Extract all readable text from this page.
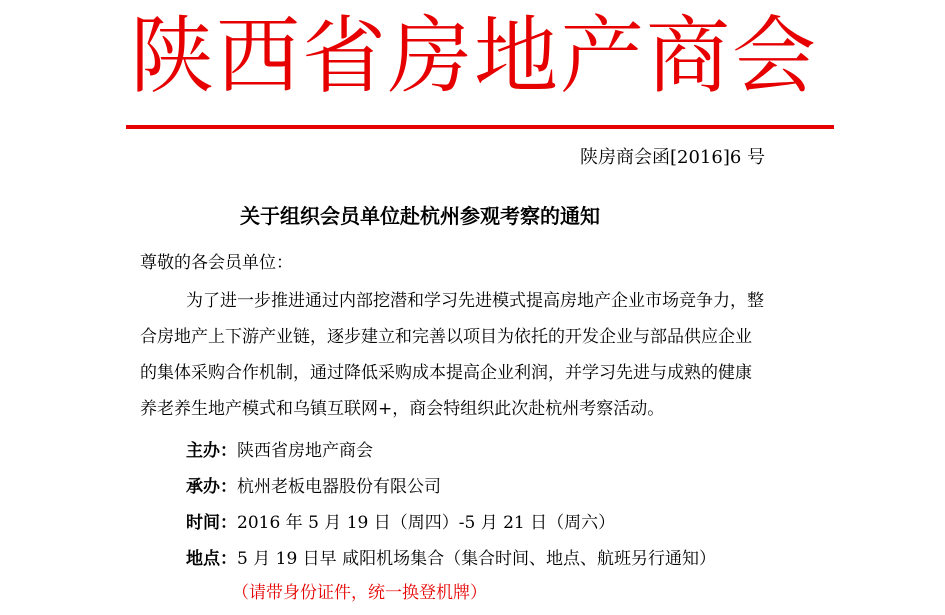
陕西省房地产商会
陕房商会函[2016]6 号
关于组织会员单位赴杭州参观考察的通知
尊敬的各会员单位：
为了进一步推进通过内部挖潜和学习先进模式提高房地产企业市场竞争力，整
合房地产上下游产业链，逐步建立和完善以项目为依托的开发企业与部品供应企业
的集体采购合作机制，通过降低采购成本提高企业利润，并学习先进与成熟的健康
养老养生地产模式和乌镇互联网+，商会特组织此次赴杭州考察活动。
主办：陕西省房地产商会
承办：杭州老板电器股份有限公司
时间：2016 年 5 月 19 日（周四）-5 月 21 日（周六）
地点：5 月 19 日早 咸阳机场集合（集合时间、地点、航班另行通知）
（请带身份证件，统一换登机牌）
